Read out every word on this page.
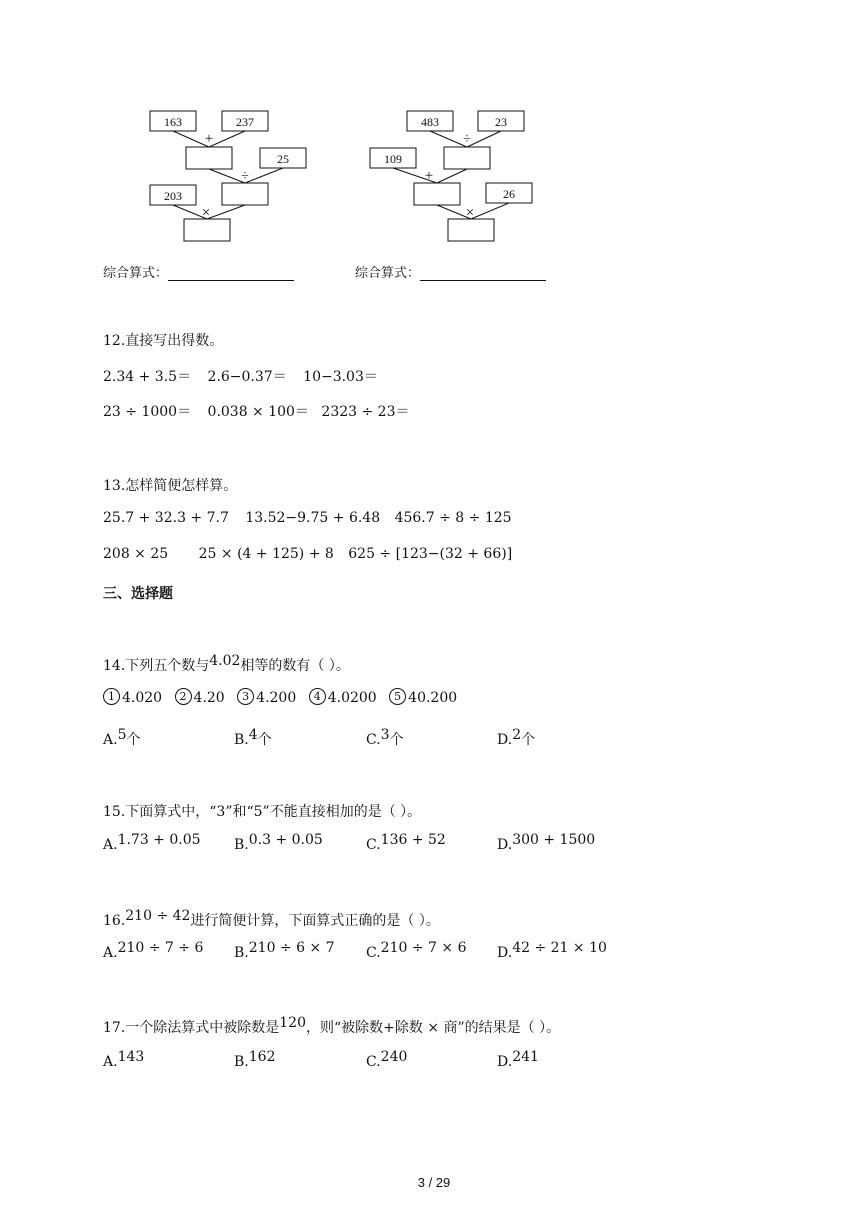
163	237
+
25
÷
203
×
483	23
÷
109
+
26
×
综合算式：	综合算式：
12.直接写出得数。
2.34 + 3.5＝ 2.6−0.37＝ 10−3.03＝
23 ÷ 1000＝ 0.038 × 100＝ 2323 ÷ 23＝
13.怎样简便怎样算。
25.7 + 32.3 + 7.7 13.52−9.75 + 6.48 456.7 ÷ 8 ÷ 125
208 × 25 25 × (4 + 125) + 8 625 ÷ [123−(32 + 66)]
三、选择题
14.下列五个数与4.02相等的数有（ ）。
1 4.020 2 4.20 3 4.200 4 4.0200 5 40.200
A.5个	B.4个	C.3个	D.2个
15.下面算式中，“3”和“5”不能直接相加的是（ ）。
A.1.73 + 0.05 B.0.3 + 0.05	C.136 + 52	D.300 + 1500
16.210 ÷ 42进行简便计算，下面算式正确的是（ ）。
A.210 ÷ 7 ÷ 6 B.210 ÷ 6 × 7 C.210 ÷ 7 × 6 D.42 ÷ 21 × 10
17.一个除法算式中被除数是120，则“被除数+除数 × 商”的结果是（ ）。
A.143	B.162	C.240	D.241
3 / 29
